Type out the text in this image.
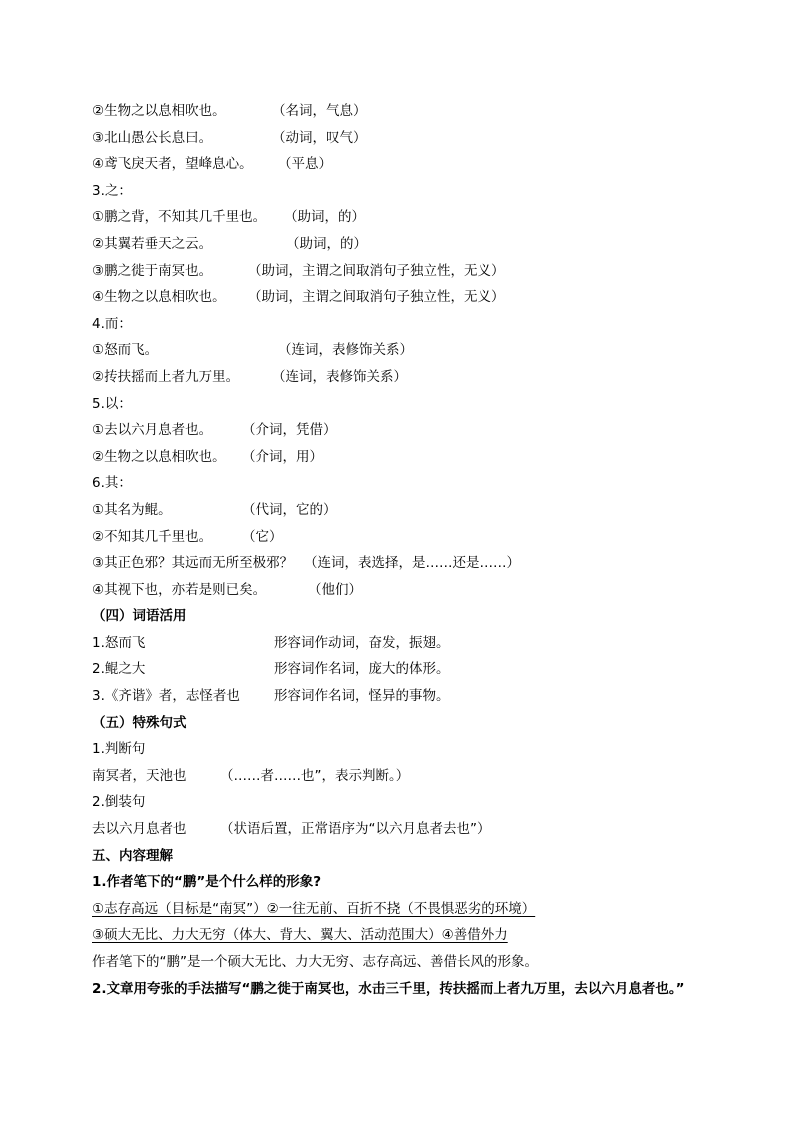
②生物之以息相吹也。	（名词，气息）
③北山愚公长息曰。	（动词，叹气）
④鸢飞戾天者，望峰息心。 （平息）
3.之：
①鹏之背，不知其几千里也。 （助词，的）
②其翼若垂天之云。	（助词，的）
③鹏之徙于南冥也。	（助词，主谓之间取消句子独立性，无义）
④生物之以息相吹也。 （助词，主谓之间取消句子独立性，无义）
4.而：
①怒而飞。	（连词，表修饰关系）
②抟扶摇而上者九万里。 （连词，表修饰关系）
5.以：
①去以六月息者也。 （介词，凭借）
②生物之以息相吹也。 （介词，用）
6.其：
①其名为鲲。	（代词，它的）
②不知其几千里也。 （它）
③其正色邪？其远而无所至极邪？ （连词，表选择，是……还是……）
④其视下也，亦若是则已矣。	（他们）
（四）词语活用
1.怒而飞	形容词作动词，奋发，振翅。
2.鲲之大	形容词作名词，庞大的体形。
3.《齐谐》者，志怪者也	形容词作名词，怪异的事物。
（五）特殊句式
1.判断句
南冥者，天池也 （……者……也”，表示判断。）
2.倒装句
去以六月息者也 （状语后置，正常语序为“以六月息者去也”）
五、内容理解
1.作者笔下的“鹏”是个什么样的形象?
①志存高远（目标是“南冥”）②一往无前、百折不挠（不畏惧恶劣的环境）
③硕大无比、力大无穷（体大、背大、翼大、活动范围大）④善借外力
作者笔下的“鹏”是一个硕大无比、力大无穷、志存高远、善借长风的形象。
2.文章用夸张的手法描写“鹏之徙于南冥也，水击三千里，抟扶摇而上者九万里，去以六月息者也。”
